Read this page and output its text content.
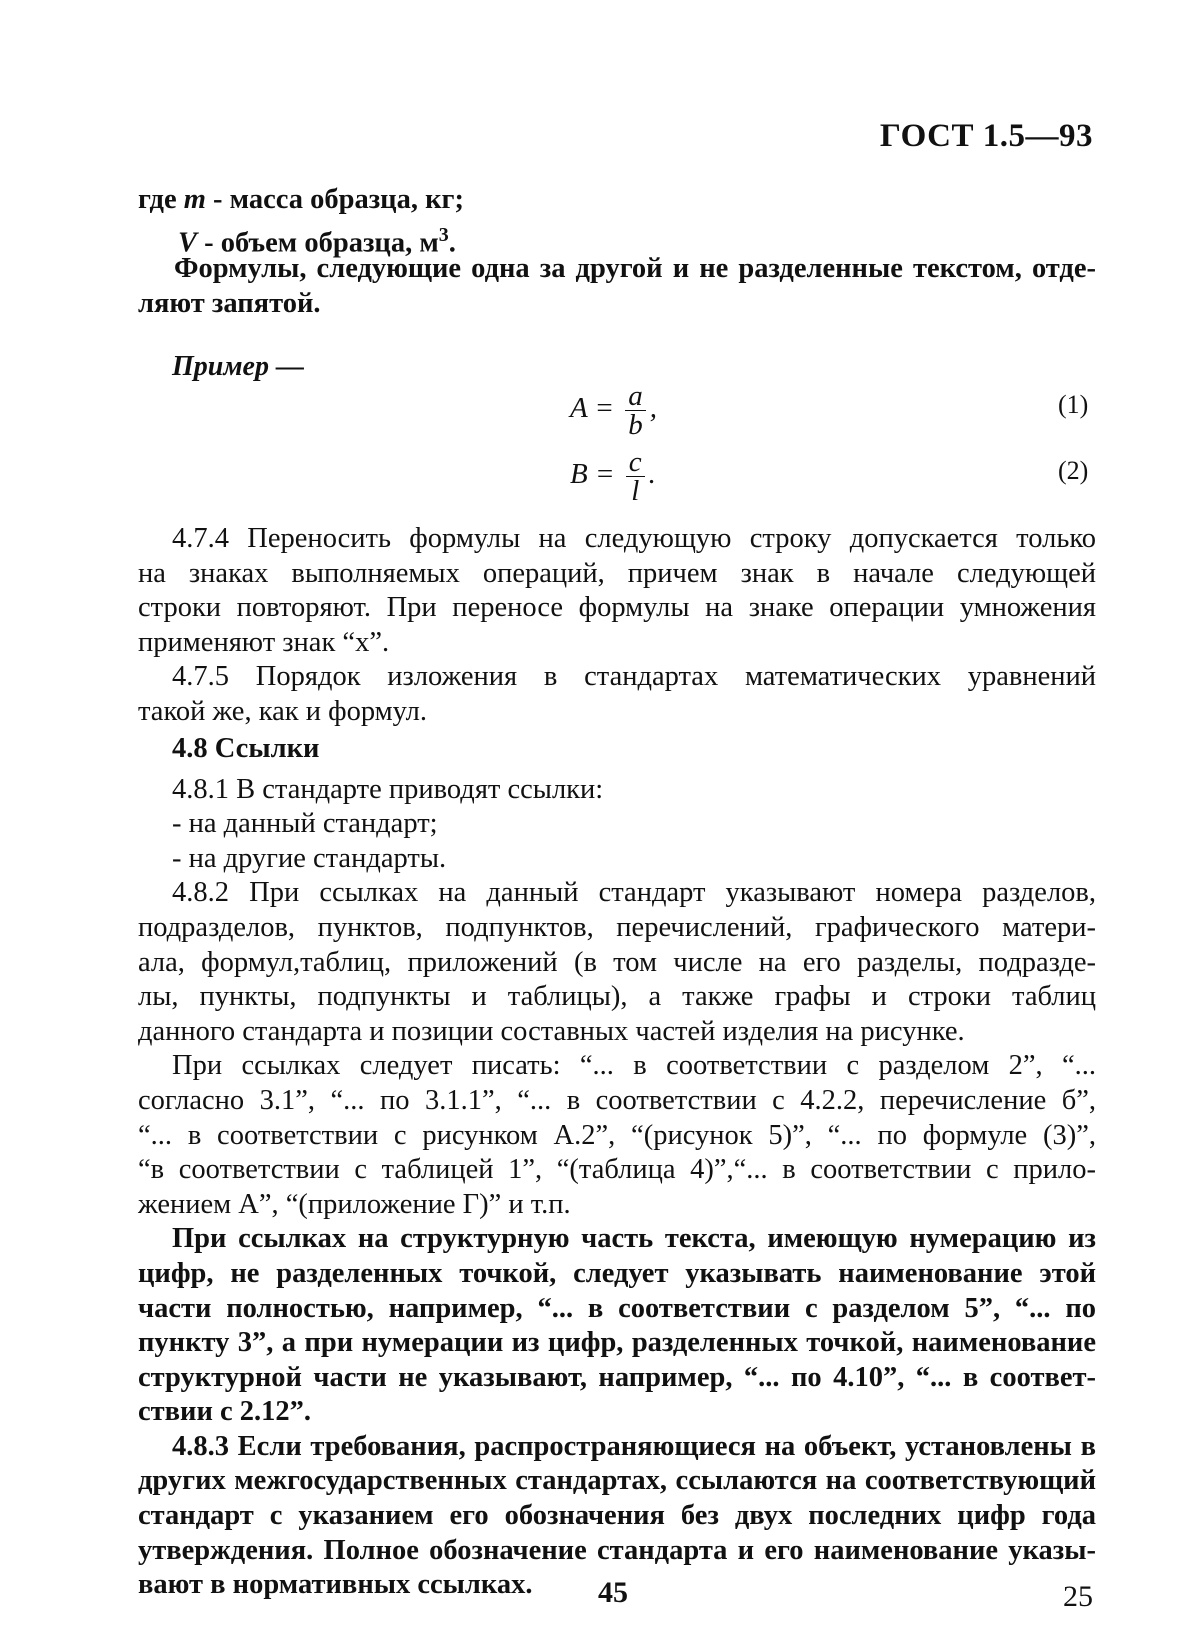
ГОСТ 1.5—93
где m - масса образца, кг;
V - объем образца, $м^3$.
Формулы, следующие одна за другой и не разделенные текстом, отде-
ляют запятой.
Пример —
$A = \frac{a}{b}$ ,	(1)
$B = \frac{c}{l}$ .	(2)
4.7.4 Переносить формулы на следующую строку допускается только
на знаках выполняемых операций, причем знак в начале следующей
строки повторяют. При переносе формулы на знаке операции умножения
применяют знак “х”.
4.7.5 Порядок изложения в стандартах математических уравнений
такой же, как и формул.
4.8 Ссылки
4.8.1 В стандарте приводят ссылки:
- на данный стандарт;
- на другие стандарты.
4.8.2 При ссылках на данный стандарт указывают номера разделов,
подразделов, пунктов, подпунктов, перечислений, графического матери-
ала, формул,таблиц, приложений (в том числе на его разделы, подразде-
лы, пункты, подпункты и таблицы), а также графы и строки таблиц
данного стандарта и позиции составных частей изделия на рисунке.
При ссылках следует писать: “... в соответствии с разделом 2”, “...
согласно 3.1”, “... по 3.1.1”, “... в соответствии с 4.2.2, перечисление б”,
“... в соответствии с рисунком А.2”, “(рисунок 5)”, “... по формуле (3)”,
“в соответствии с таблицей 1”, “(таблица 4)”,“... в соответствии с прило-
жением А”, “(приложение Г)” и т.п.
При ссылках на структурную часть текста, имеющую нумерацию из
цифр, не разделенных точкой, следует указывать наименование этой
части полностью, например, “... в соответствии с разделом 5”, “... по
пункту 3”, а при нумерации из цифр, разделенных точкой, наименование
структурной части не указывают, например, “... по 4.10”, “... в соответ-
ствии с 2.12”.
4.8.3 Если требования, распространяющиеся на объект, установлены в
других межгосударственных стандартах, ссылаются на соответствующий
стандарт с указанием его обозначения без двух последних цифр года
утверждения. Полное обозначение стандарта и его наименование указы-
вают в нормативных ссылках.	45	25
